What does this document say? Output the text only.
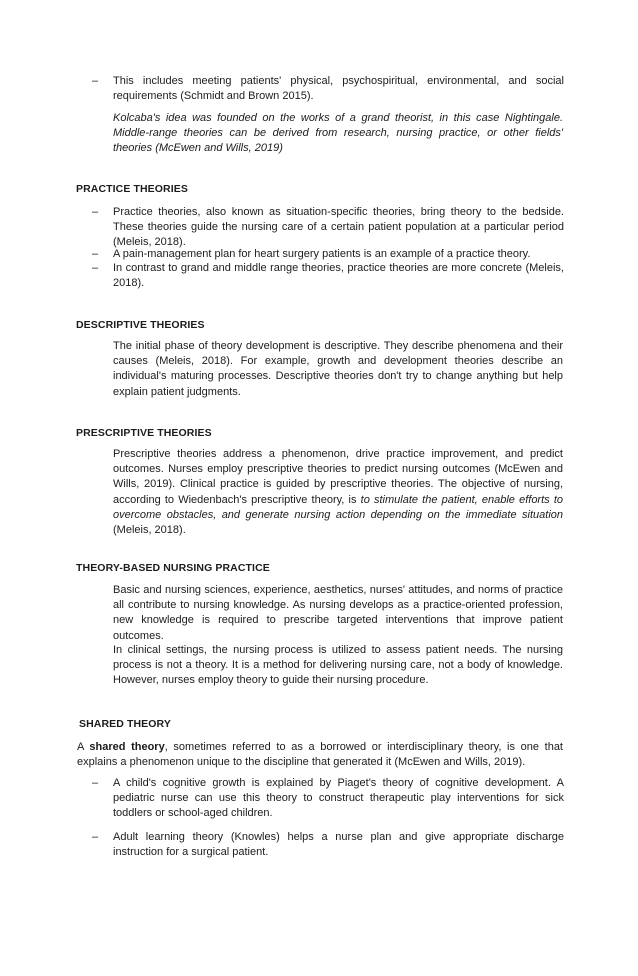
– This includes meeting patients' physical, psychospiritual, environmental, and social requirements (Schmidt and Brown 2015).

Kolcaba's idea was founded on the works of a grand theorist, in this case Nightingale. Middle-range theories can be derived from research, nursing practice, or other fields' theories (McEwen and Wills, 2019)

PRACTICE THEORIES

– Practice theories, also known as situation-specific theories, bring theory to the bedside. These theories guide the nursing care of a certain patient population at a particular period (Meleis, 2018).

– A pain-management plan for heart surgery patients is an example of a practice theory.

– In contrast to grand and middle range theories, practice theories are more concrete (Meleis, 2018).

DESCRIPTIVE THEORIES

The initial phase of theory development is descriptive. They describe phenomena and their causes (Meleis, 2018). For example, growth and development theories describe an individual's maturing processes. Descriptive theories don't try to change anything but help explain patient judgments.

PRESCRIPTIVE THEORIES

Prescriptive theories address a phenomenon, drive practice improvement, and predict outcomes. Nurses employ prescriptive theories to predict nursing outcomes (McEwen and Wills, 2019). Clinical practice is guided by prescriptive theories. The objective of nursing, according to Wiedenbach's prescriptive theory, is to stimulate the patient, enable efforts to overcome obstacles, and generate nursing action depending on the immediate situation (Meleis, 2018).

THEORY-BASED NURSING PRACTICE

Basic and nursing sciences, experience, aesthetics, nurses' attitudes, and norms of practice all contribute to nursing knowledge. As nursing develops as a practice-oriented profession, new knowledge is required to prescribe targeted interventions that improve patient outcomes.

In clinical settings, the nursing process is utilized to assess patient needs. The nursing process is not a theory. It is a method for delivering nursing care, not a body of knowledge. However, nurses employ theory to guide their nursing procedure.

SHARED THEORY

A shared theory, sometimes referred to as a borrowed or interdisciplinary theory, is one that explains a phenomenon unique to the discipline that generated it (McEwen and Wills, 2019).

– A child's cognitive growth is explained by Piaget's theory of cognitive development. A pediatric nurse can use this theory to construct therapeutic play interventions for sick toddlers or school-aged children.

– Adult learning theory (Knowles) helps a nurse plan and give appropriate discharge instruction for a surgical patient.
